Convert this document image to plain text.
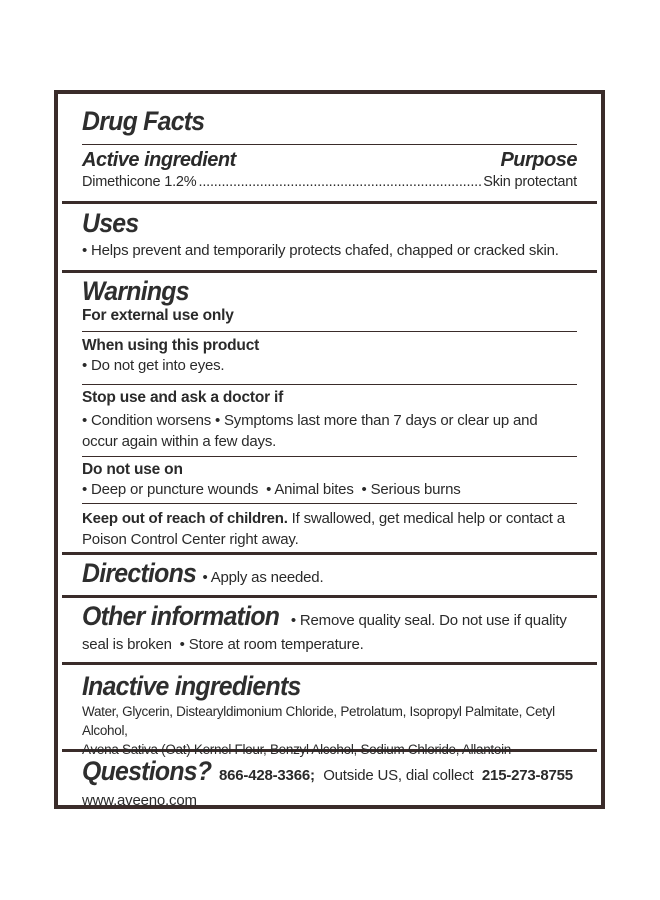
Drug Facts
Active ingredient	Purpose
Dimethicone 1.2%
.....	Skin protectant
Uses
• Helps prevent and temporarily protects chafed, chapped or cracked skin.
Warnings
For external use only
When using this product
• Do not get into eyes.
Stop use and ask a doctor if
• Condition worsens • Symptoms last more than 7 days or clear up and
occur again within a few days.
Do not use on
• Deep or puncture wounds  • Animal bites  • Serious burns
Keep out of reach of children. If swallowed, get medical help or contact a
Poison Control Center right away.
Directions • Apply as needed.
Other information • Remove quality seal. Do not use if quality
seal is broken  • Store at room temperature.
Inactive ingredients
Water, Glycerin, Distearyldimonium Chloride, Petrolatum, Isopropyl Palmitate, Cetyl Alcohol,
Avena Sativa (Oat) Kernel Flour, Benzyl Alcohol, Sodium Chloride, Allantoin
Questions? 866-428-3366;  Outside US, dial collect  215-273-8755
www.aveeno.com
